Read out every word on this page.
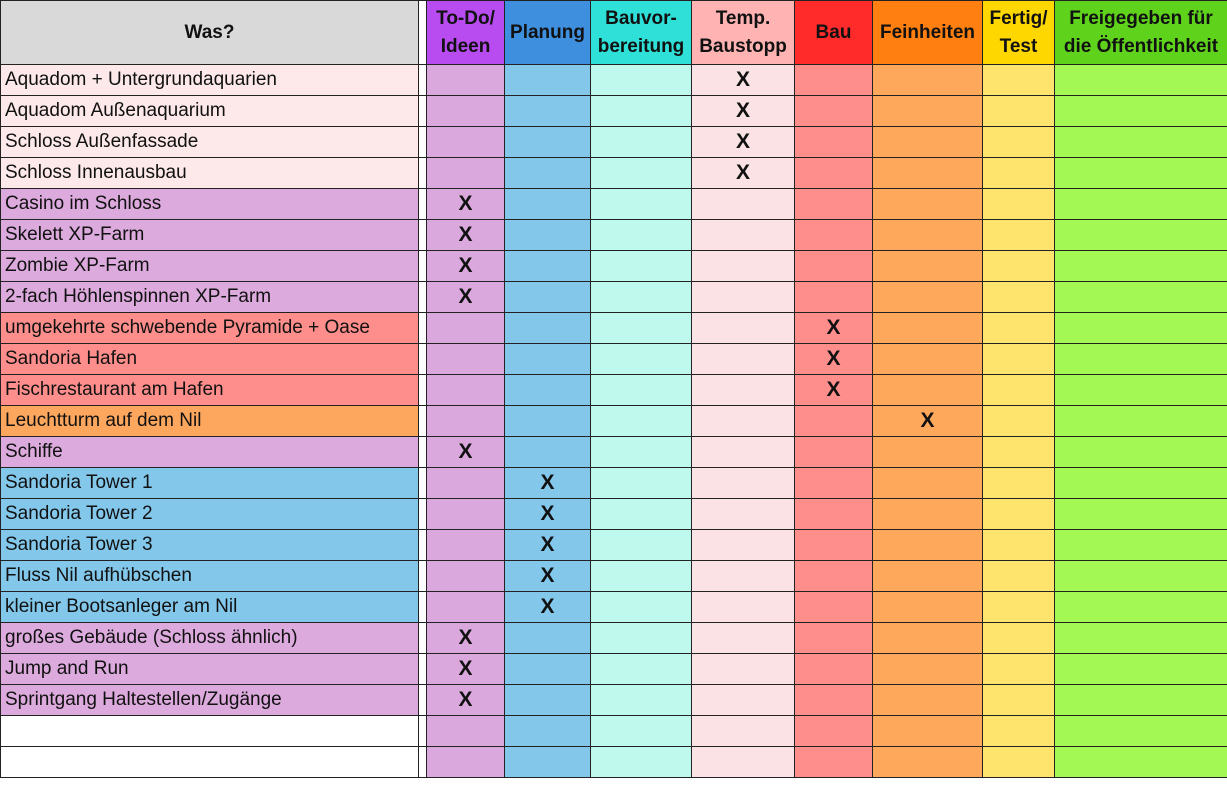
Was?		To-Do/ Ideen	Planung	Bauvor- bereitung	Temp. Baustopp	Bau	Feinheiten	Fertig/ Test	Freigegeben für die Öffentlichkeit
Aquadom + Untergrundaquarien					X				
Aquadom Außenaquarium					X				
Schloss Außenfassade					X				
Schloss Innenausbau					X				
Casino im Schloss		X							
Skelett XP-Farm		X							
Zombie XP-Farm		X							
2-fach Höhlenspinnen XP-Farm		X							
umgekehrte schwebende Pyramide + Oase						X			
Sandoria Hafen						X			
Fischrestaurant am Hafen						X			
Leuchtturm auf dem Nil							X		
Schiffe		X							
Sandoria Tower 1			X						
Sandoria Tower 2			X						
Sandoria Tower 3			X						
Fluss Nil aufhübschen			X						
kleiner Bootsanleger am Nil			X						
großes Gebäude (Schloss ähnlich)		X							
Jump and Run		X							
Sprintgang Haltestellen/Zugänge		X							
